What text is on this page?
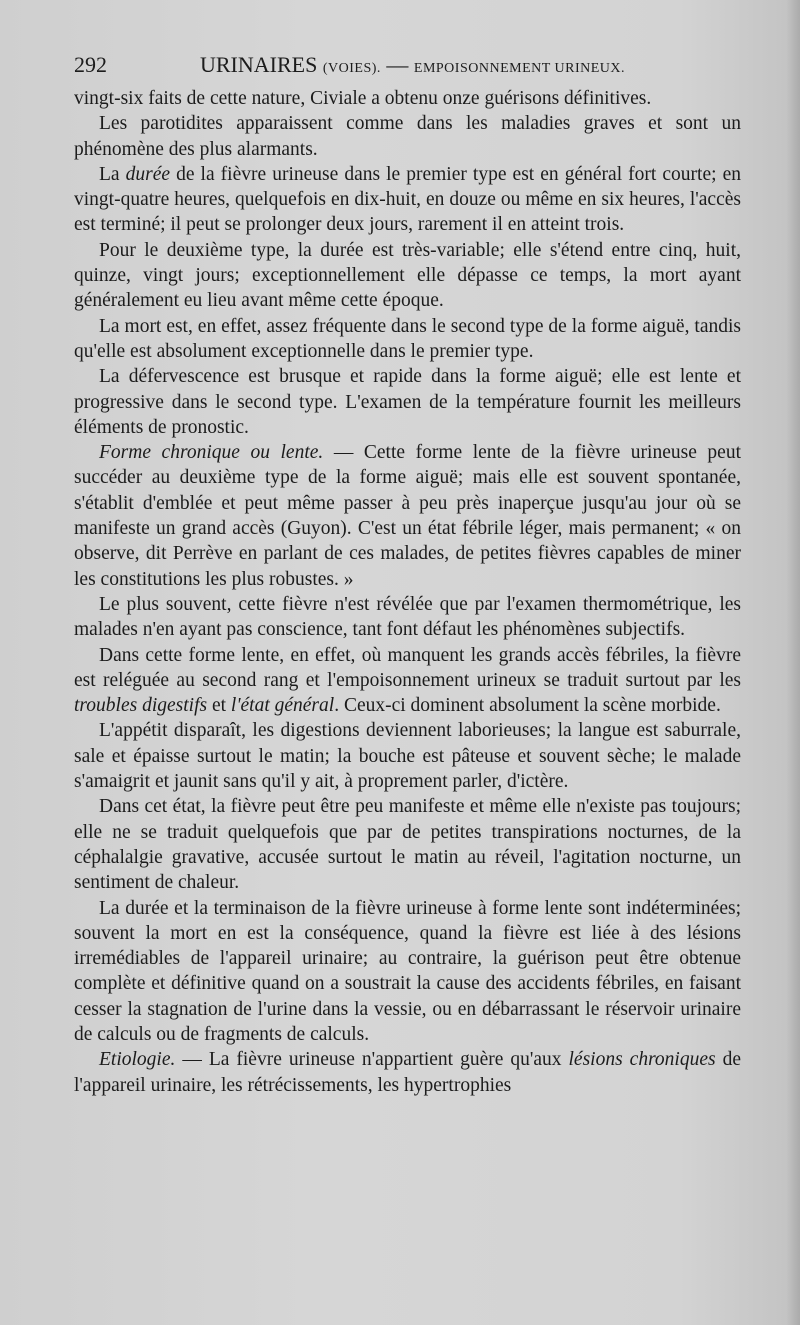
292	URINAIRES (VOIES). — EMPOISONNEMENT URINEUX.

vingt-six faits de cette nature, Civiale a obtenu onze guérisons définitives.

Les parotidites apparaissent comme dans les maladies graves et sont un phénomène des plus alarmants.

La durée de la fièvre urineuse dans le premier type est en général fort courte; en vingt-quatre heures, quelquefois en dix-huit, en douze ou même en six heures, l'accès est terminé; il peut se prolonger deux jours, rarement il en atteint trois.

Pour le deuxième type, la durée est très-variable; elle s'étend entre cinq, huit, quinze, vingt jours; exceptionnellement elle dépasse ce temps, la mort ayant généralement eu lieu avant même cette époque.

La mort est, en effet, assez fréquente dans le second type de la forme aiguë, tandis qu'elle est absolument exceptionnelle dans le premier type.

La défervescence est brusque et rapide dans la forme aiguë; elle est lente et progressive dans le second type. L'examen de la température fournit les meilleurs éléments de pronostic.

Forme chronique ou lente. — Cette forme lente de la fièvre urineuse peut succéder au deuxième type de la forme aiguë; mais elle est souvent spontanée, s'établit d'emblée et peut même passer à peu près inaperçue jusqu'au jour où se manifeste un grand accès (Guyon). C'est un état fébrile léger, mais permanent; « on observe, dit Perrève en parlant de ces malades, de petites fièvres capables de miner les constitutions les plus robustes. »

Le plus souvent, cette fièvre n'est révélée que par l'examen thermométrique, les malades n'en ayant pas conscience, tant font défaut les phénomènes subjectifs.

Dans cette forme lente, en effet, où manquent les grands accès fébriles, la fièvre est reléguée au second rang et l'empoisonnement urineux se traduit surtout par les troubles digestifs et l'état général. Ceux-ci dominent absolument la scène morbide.

L'appétit disparaît, les digestions deviennent laborieuses; la langue est saburrale, sale et épaisse surtout le matin; la bouche est pâteuse et souvent sèche; le malade s'amaigrit et jaunit sans qu'il y ait, à proprement parler, d'ictère.

Dans cet état, la fièvre peut être peu manifeste et même elle n'existe pas toujours; elle ne se traduit quelquefois que par de petites transpirations nocturnes, de la céphalalgie gravative, accusée surtout le matin au réveil, l'agitation nocturne, un sentiment de chaleur.

La durée et la terminaison de la fièvre urineuse à forme lente sont indéterminées; souvent la mort en est la conséquence, quand la fièvre est liée à des lésions irremédiables de l'appareil urinaire; au contraire, la guérison peut être obtenue complète et définitive quand on a soustrait la cause des accidents fébriles, en faisant cesser la stagnation de l'urine dans la vessie, ou en débarrassant le réservoir urinaire de calculs ou de fragments de calculs.

Etiologie. — La fièvre urineuse n'appartient guère qu'aux lésions chroniques de l'appareil urinaire, les rétrécissements, les hypertrophies
